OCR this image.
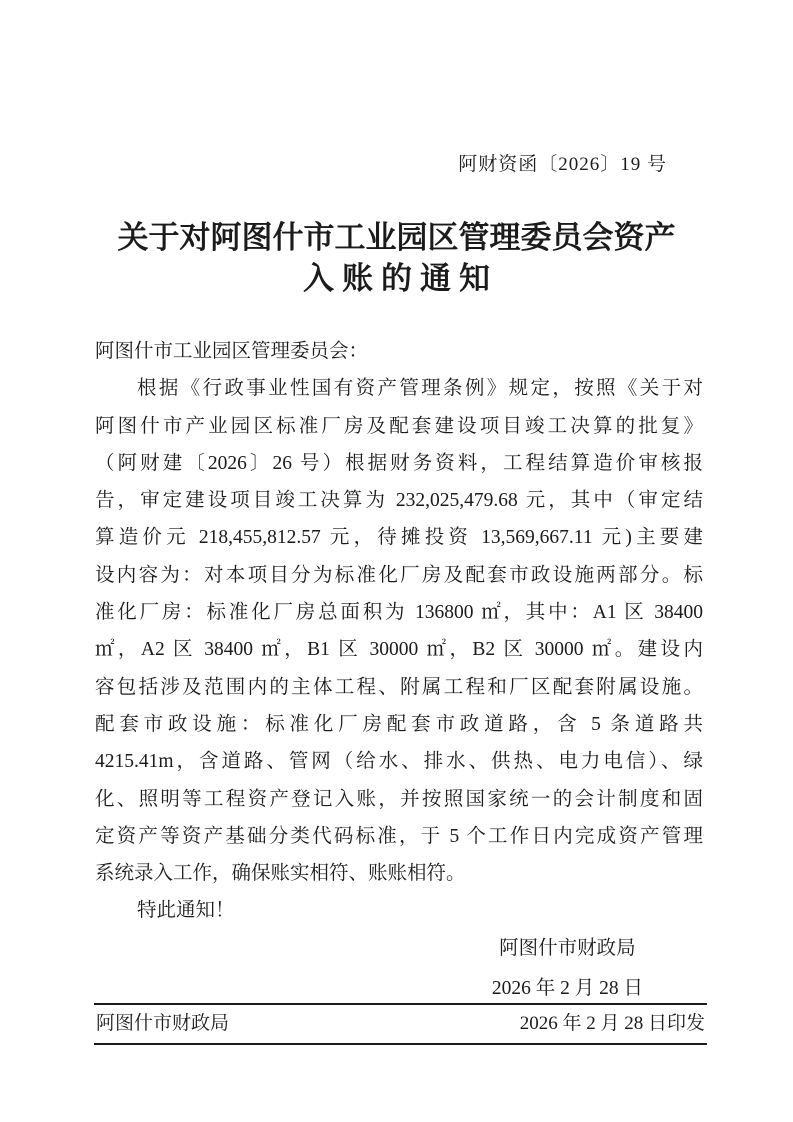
阿财资函〔2026〕19 号
关于对阿图什市工业园区管理委员会资产
入账的通知
阿图什市工业园区管理委员会：
根据《行政事业性国有资产管理条例》规定，按照《关于对
阿图什市产业园区标准厂房及配套建设项目竣工决算的批复》
（阿财建〔2026〕26 号）根据财务资料，工程结算造价审核报
告，审定建设项目竣工决算为 232,025,479.68 元，其中（审定结
算造价元 218,455,812.57 元，待摊投资 13,569,667.11 元)主要建
设内容为：对本项目分为标准化厂房及配套市政设施两部分。标
准化厂房：标准化厂房总面积为 136800 ㎡，其中：A1 区 38400
㎡，A2 区 38400 ㎡，B1 区 30000 ㎡，B2 区 30000 ㎡。建设内
容包括涉及范围内的主体工程、附属工程和厂区配套附属设施。
配套市政设施：标准化厂房配套市政道路，含 5 条道路共
4215.41m，含道路、管网（给水、排水、供热、电力电信）、绿
化、照明等工程资产登记入账，并按照国家统一的会计制度和固
定资产等资产基础分类代码标准，于 5 个工作日内完成资产管理
系统录入工作，确保账实相符、账账相符。
特此通知！
阿图什市财政局
2026 年 2 月 28 日
阿图什市财政局	2026 年 2 月 28 日印发
